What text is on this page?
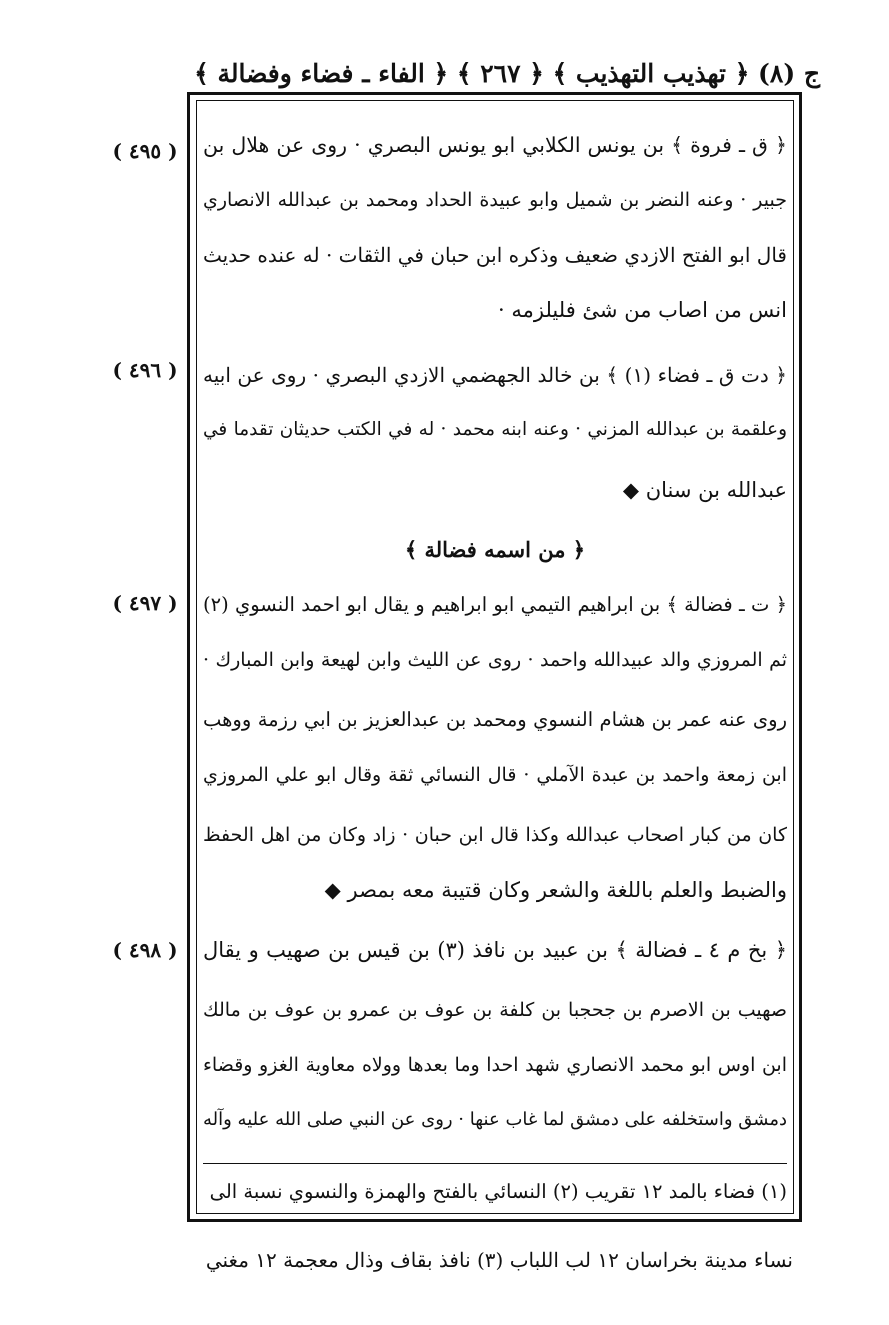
ج (٨) ﴿ تهذيب التهذيب ﴾ ﴿ ٢٦٧ ﴾ ﴿ الفاء ـ فضاء وفضالة ﴾
( ٤٩٥ )	﴿ ق ـ فروة ﴾ بن يونس الكلابي ابو يونس البصري · روى عن هلال بن
جبير · وعنه النضر بن شميل وابو عبيدة الحداد ومحمد بن عبدالله الانصاري
قال ابو الفتح الازدي ضعيف وذكره ابن حبان في الثقات · له عنده حديث
انس من اصاب من شئ فليلزمه ·
( ٤٩٦ )	﴿ دت ق ـ فضاء (١) ﴾ بن خالد الجهضمي الازدي البصري · روى عن ابيه
وعلقمة بن عبدالله المزني · وعنه ابنه محمد · له في الكتب حديثان تقدما في
عبدالله بن سنان ◆
﴿ من اسمه فضالة ﴾
( ٤٩٧ )	﴿ ت ـ فضالة ﴾ بن ابراهيم التيمي ابو ابراهيم و يقال ابو احمد النسوي (٢)
ثم المروزي والد عبيدالله واحمد · روى عن الليث وابن لهيعة وابن المبارك ·
روى عنه عمر بن هشام النسوي ومحمد بن عبدالعزيز بن ابي رزمة ووهب
ابن زمعة واحمد بن عبدة الآملي · قال النسائي ثقة وقال ابو علي المروزي
كان من كبار اصحاب عبدالله وكذا قال ابن حبان · زاد وكان من اهل الحفظ
والضبط والعلم باللغة والشعر وكان قتيبة معه بمصر ◆
( ٤٩٨ )	﴿ بخ م ٤ ـ فضالة ﴾ بن عبيد بن نافذ (٣) بن قيس بن صهيب و يقال
صهيب بن الاصرم بن جحجبا بن كلفة بن عوف بن عمرو بن عوف بن مالك
ابن اوس ابو محمد الانصاري شهد احدا وما بعدها وولاه معاوية الغزو وقضاء
دمشق واستخلفه على دمشق لما غاب عنها · روى عن النبي صلى الله عليه وآله
(١) فضاء بالمد ١٢ تقريب (٢) النسائي بالفتح والهمزة والنسوي نسبة الى
نساء مدينة بخراسان ١٢ لب اللباب (٣) نافذ بقاف وذال معجمة ١٢ مغني
